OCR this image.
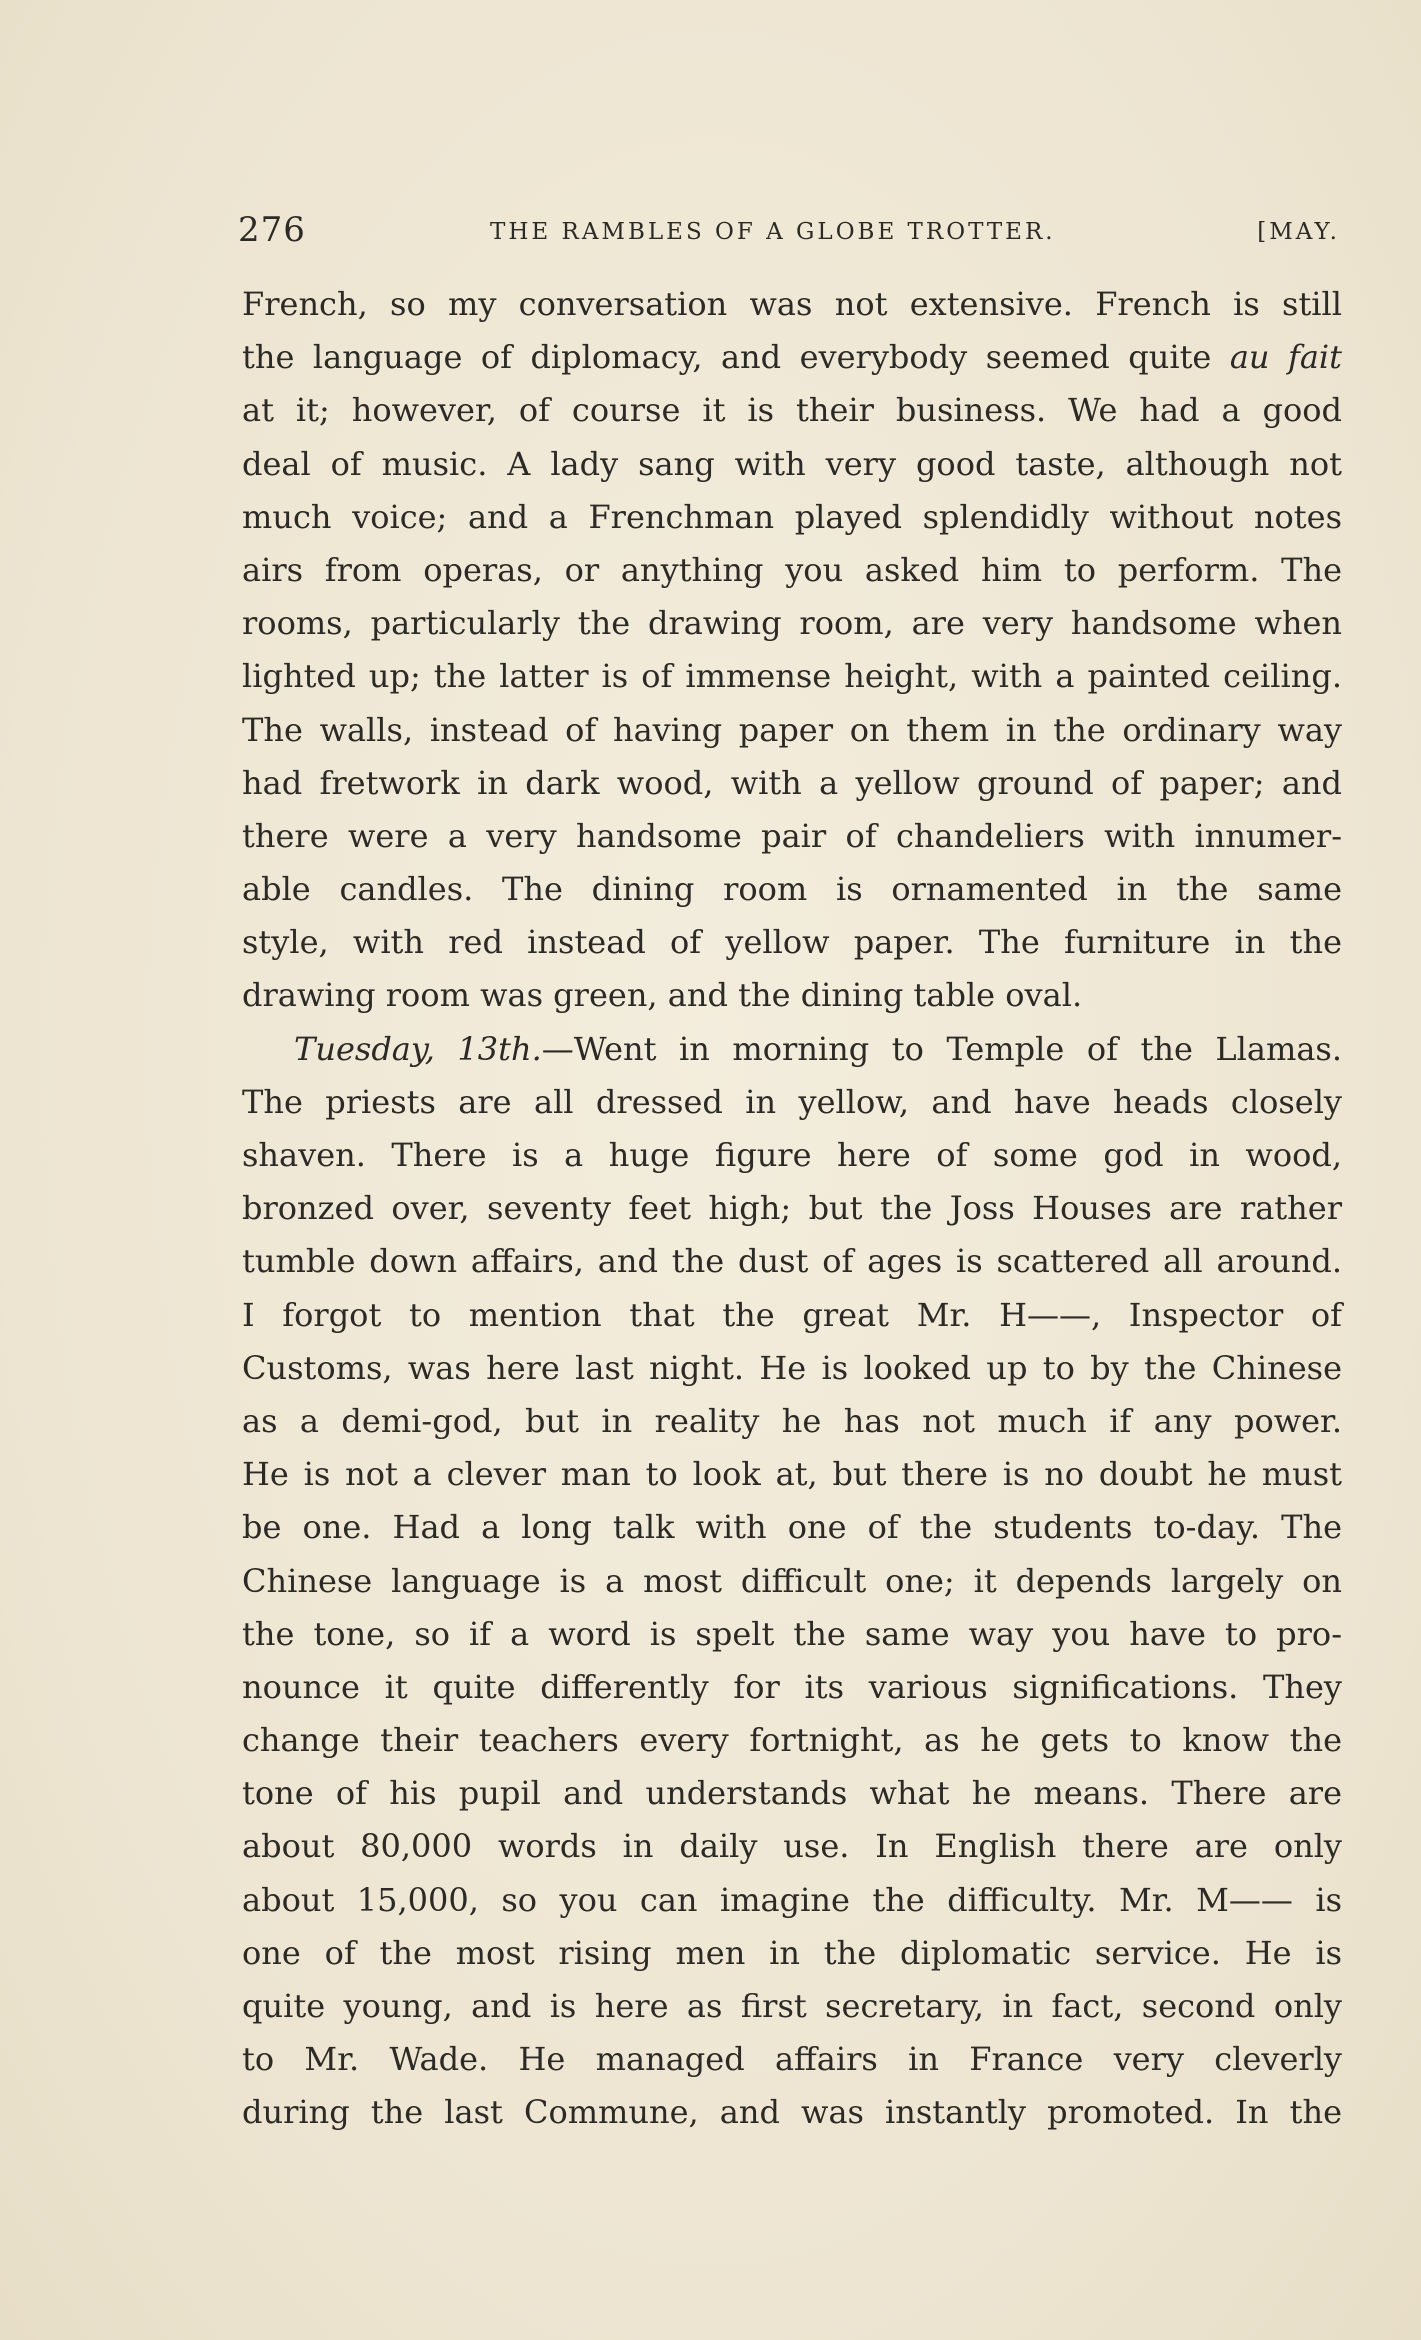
276	THE RAMBLES OF A GLOBE TROTTER.	[MAY.
French, so my conversation was not extensive. French is still
the language of diplomacy, and everybody seemed quite au fait
at it; however, of course it is their business. We had a good
deal of music. A lady sang with very good taste, although not
much voice; and a Frenchman played splendidly without notes
airs from operas, or anything you asked him to perform. The
rooms, particularly the drawing room, are very handsome when
lighted up; the latter is of immense height, with a painted ceiling.
The walls, instead of having paper on them in the ordinary way
had fretwork in dark wood, with a yellow ground of paper; and
there were a very handsome pair of chandeliers with innumer-
able candles. The dining room is ornamented in the same
style, with red instead of yellow paper. The furniture in the
drawing room was green, and the dining table oval.
Tuesday, 13th.—Went in morning to Temple of the Llamas.
The priests are all dressed in yellow, and have heads closely
shaven. There is a huge figure here of some god in wood,
bronzed over, seventy feet high; but the Joss Houses are rather
tumble down affairs, and the dust of ages is scattered all around.
I forgot to mention that the great Mr. H——, Inspector of
Customs, was here last night. He is looked up to by the Chinese
as a demi-god, but in reality he has not much if any power.
He is not a clever man to look at, but there is no doubt he must
be one. Had a long talk with one of the students to-day. The
Chinese language is a most difficult one; it depends largely on
the tone, so if a word is spelt the same way you have to pro-
nounce it quite differently for its various significations. They
change their teachers every fortnight, as he gets to know the
tone of his pupil and understands what he means. There are
about 80,000 words in daily use. In English there are only
about 15,000, so you can imagine the difficulty. Mr. M—— is
one of the most rising men in the diplomatic service. He is
quite young, and is here as first secretary, in fact, second only
to Mr. Wade. He managed affairs in France very cleverly
during the last Commune, and was instantly promoted. In the
